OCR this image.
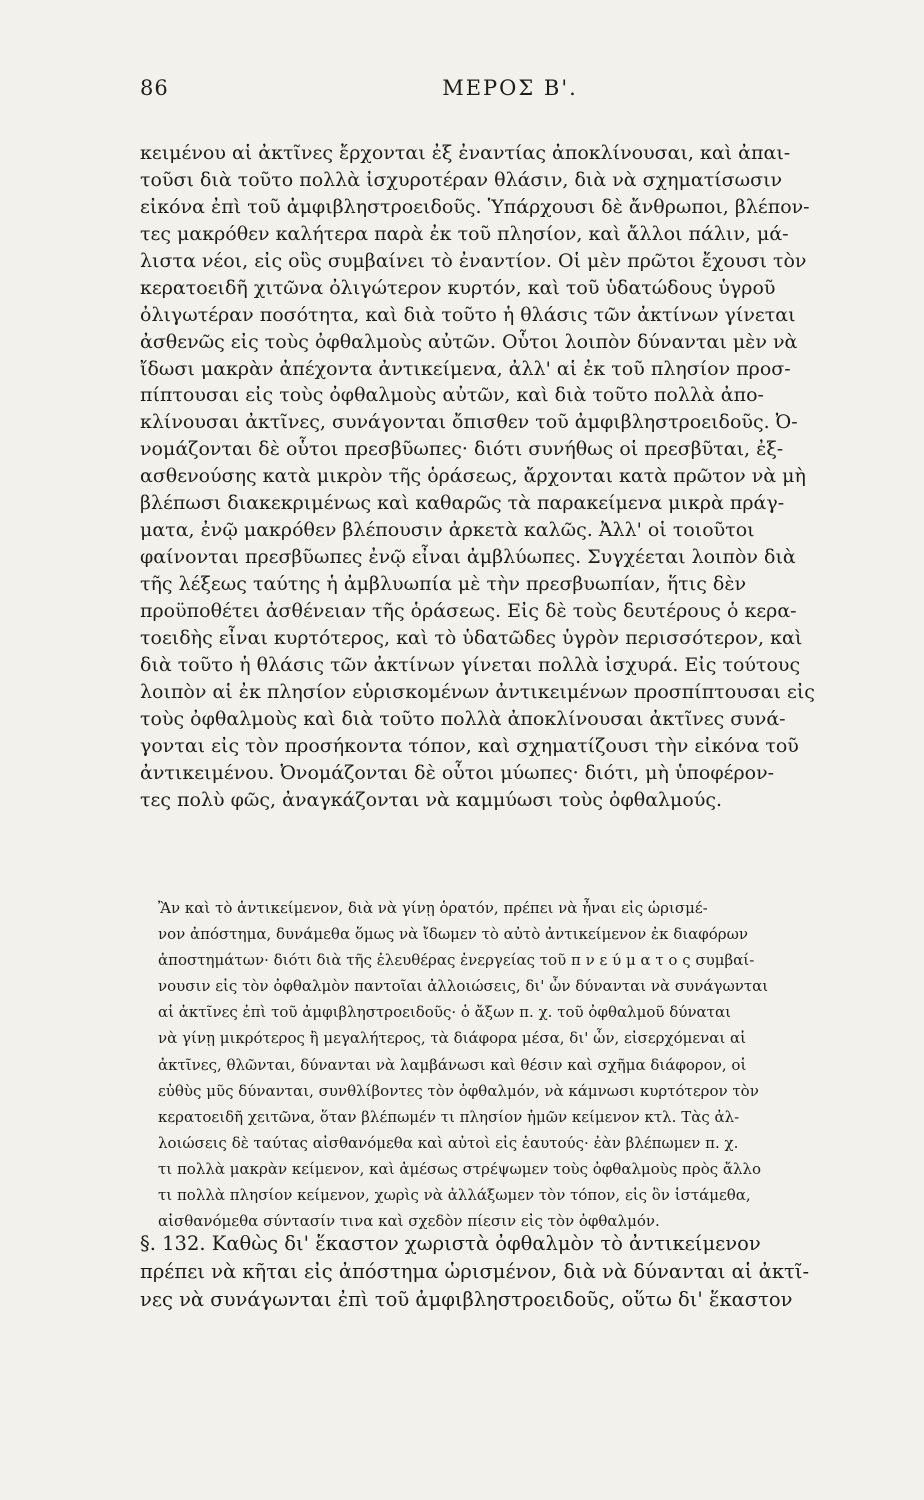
86	ΜΕΡΟΣ Β'.
κειμένου αἱ ἀκτῖνες ἔρχονται ἐξ ἐναντίας ἀποκλίνουσαι, καὶ ἀπαι-
τοῦσι διὰ τοῦτο πολλὰ ἰσχυροτέραν θλάσιν, διὰ νὰ σχηματίσωσιν
εἰκόνα ἐπὶ τοῦ ἀμφιβληστροειδοῦς. Ὑπάρχουσι δὲ ἄνθρωποι, βλέπον-
τες μακρόθεν καλήτερα παρὰ ἐκ τοῦ πλησίον, καὶ ἄλλοι πάλιν, μά-
λιστα νέοι, εἰς οὓς συμβαίνει τὸ ἐναντίον. Οἱ μὲν πρῶτοι ἔχουσι τὸν
κερατοειδῆ χιτῶνα ὀλιγώτερον κυρτόν, καὶ τοῦ ὑδατώδους ὑγροῦ
ὀλιγωτέραν ποσότητα, καὶ διὰ τοῦτο ἡ θλάσις τῶν ἀκτίνων γίνεται
ἀσθενῶς εἰς τοὺς ὀφθαλμοὺς αὐτῶν. Οὗτοι λοιπὸν δύνανται μὲν νὰ
ἴδωσι μακρὰν ἀπέχοντα ἀντικείμενα, ἀλλ' αἱ ἐκ τοῦ πλησίον προσ-
πίπτουσαι εἰς τοὺς ὀφθαλμοὺς αὐτῶν, καὶ διὰ τοῦτο πολλὰ ἀπο-
κλίνουσαι ἀκτῖνες, συνάγονται ὄπισθεν τοῦ ἀμφιβληστροειδοῦς. Ὀ-
νομάζονται δὲ οὗτοι πρεσβῦωπες· διότι συνήθως οἱ πρεσβῦται, ἐξ-
ασθενούσης κατὰ μικρὸν τῆς ὁράσεως, ἄρχονται κατὰ πρῶτον νὰ μὴ
βλέπωσι διακεκριμένως καὶ καθαρῶς τὰ παρακείμενα μικρὰ πράγ-
ματα, ἐνῷ μακρόθεν βλέπουσιν ἀρκετὰ καλῶς. Ἀλλ' οἱ τοιοῦτοι
φαίνονται πρεσβῦωπες ἐνῷ εἶναι ἀμβλύωπες. Συγχέεται λοιπὸν διὰ
τῆς λέξεως ταύτης ἡ ἀμβλυωπία μὲ τὴν πρεσβυωπίαν, ἥτις δὲν
προϋποθέτει ἀσθένειαν τῆς ὁράσεως. Εἰς δὲ τοὺς δευτέρους ὁ κερα-
τοειδὴς εἶναι κυρτότερος, καὶ τὸ ὑδατῶδες ὑγρὸν περισσότερον, καὶ
διὰ τοῦτο ἡ θλάσις τῶν ἀκτίνων γίνεται πολλὰ ἰσχυρά. Εἰς τούτους
λοιπὸν αἱ ἐκ πλησίον εὑρισκομένων ἀντικειμένων προσπίπτουσαι εἰς
τοὺς ὀφθαλμοὺς καὶ διὰ τοῦτο πολλὰ ἀποκλίνουσαι ἀκτῖνες συνά-
γονται εἰς τὸν προσήκοντα τόπον, καὶ σχηματίζουσι τὴν εἰκόνα τοῦ
ἀντικειμένου. Ὀνομάζονται δὲ οὗτοι μύωπες· διότι, μὴ ὑποφέρον-
τες πολὺ φῶς, ἀναγκάζονται νὰ καμμύωσι τοὺς ὀφθαλμούς.
Ἂν καὶ τὸ ἀντικείμενον, διὰ νὰ γίνῃ ὁρατόν, πρέπει νὰ ἦναι εἰς ὡρισμέ-
νον ἀπόστημα, δυνάμεθα ὅμως νὰ ἴδωμεν τὸ αὐτὸ ἀντικείμενον ἐκ διαφόρων
ἀποστημάτων· διότι διὰ τῆς ἐλευθέρας ἐνεργείας τοῦ π ν ε ύ μ α τ ο ς συμβαί-
νουσιν εἰς τὸν ὀφθαλμὸν παντοῖαι ἀλλοιώσεις, δι' ὧν δύνανται νὰ συνάγωνται
αἱ ἀκτῖνες ἐπὶ τοῦ ἀμφιβληστροειδοῦς· ὁ ἄξων π. χ. τοῦ ὀφθαλμοῦ δύναται
νὰ γίνῃ μικρότερος ἢ μεγαλήτερος, τὰ διάφορα μέσα, δι' ὧν, εἰσερχόμεναι αἱ
ἀκτῖνες, θλῶνται, δύνανται νὰ λαμβάνωσι καὶ θέσιν καὶ σχῆμα διάφορον, οἱ
εὐθὺς μῦς δύνανται, συνθλίβοντες τὸν ὀφθαλμόν, νὰ κάμνωσι κυρτότερον τὸν
κερατοειδῆ χειτῶνα, ὅταν βλέπωμέν τι πλησίον ἡμῶν κείμενον κτλ. Τὰς ἀλ-
λοιώσεις δὲ ταύτας αἰσθανόμεθα καὶ αὐτοὶ εἰς ἑαυτούς· ἐὰν βλέπωμεν π. χ.
τι πολλὰ μακρὰν κείμενον, καὶ ἀμέσως στρέψωμεν τοὺς ὀφθαλμοὺς πρὸς ἄλλο
τι πολλὰ πλησίον κείμενον, χωρὶς νὰ ἀλλάξωμεν τὸν τόπον, εἰς ὃν ἱστάμεθα,
αἰσθανόμεθα σύντασίν τινα καὶ σχεδὸν πίεσιν εἰς τὸν ὀφθαλμόν.
§. 132. Καθὼς δι' ἕκαστον χωριστὰ ὀφθαλμὸν τὸ ἀντικείμενον
πρέπει νὰ κῆται εἰς ἀπόστημα ὡρισμένον, διὰ νὰ δύνανται αἱ ἀκτῖ-
νες νὰ συνάγωνται ἐπὶ τοῦ ἀμφιβληστροειδοῦς, οὕτω δι' ἕκαστον
